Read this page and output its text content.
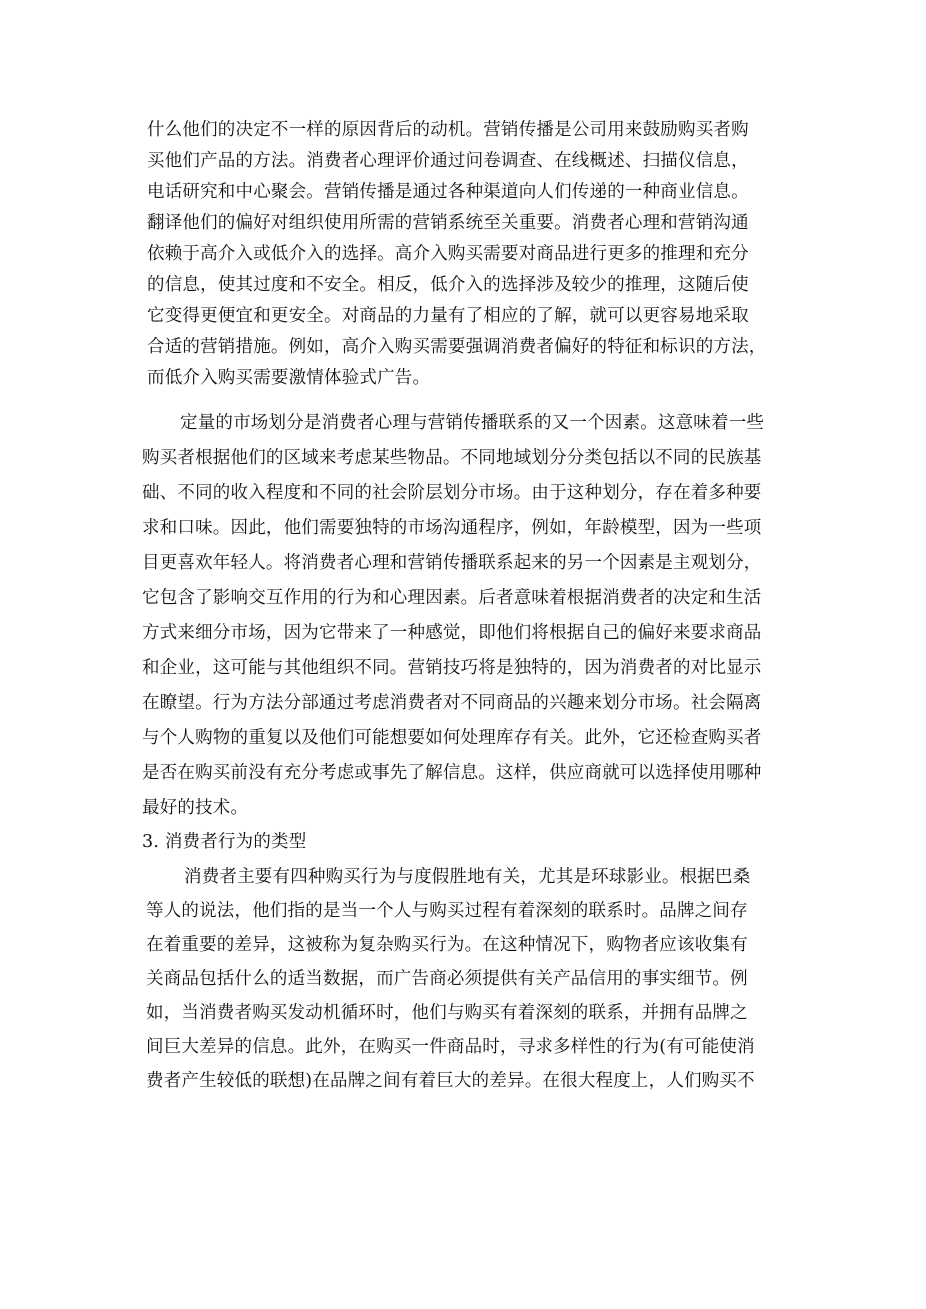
什么他们的决定不一样的原因背后的动机。营销传播是公司用来鼓励购买者购
买他们产品的方法。消费者心理评价通过问卷调查、在线概述、扫描仪信息，
电话研究和中心聚会。营销传播是通过各种渠道向人们传递的一种商业信息。
翻译他们的偏好对组织使用所需的营销系统至关重要。消费者心理和营销沟通
依赖于高介入或低介入的选择。高介入购买需要对商品进行更多的推理和充分
的信息，使其过度和不安全。相反，低介入的选择涉及较少的推理，这随后使
它变得更便宜和更安全。对商品的力量有了相应的了解，就可以更容易地采取
合适的营销措施。例如，高介入购买需要强调消费者偏好的特征和标识的方法，
而低介入购买需要激情体验式广告。
定量的市场划分是消费者心理与营销传播联系的又一个因素。这意味着一些
购买者根据他们的区域来考虑某些物品。不同地域划分分类包括以不同的民族基
础、不同的收入程度和不同的社会阶层划分市场。由于这种划分，存在着多种要
求和口味。因此，他们需要独特的市场沟通程序，例如，年龄模型，因为一些项
目更喜欢年轻人。将消费者心理和营销传播联系起来的另一个因素是主观划分，
它包含了影响交互作用的行为和心理因素。后者意味着根据消费者的决定和生活
方式来细分市场，因为它带来了一种感觉，即他们将根据自己的偏好来要求商品
和企业，这可能与其他组织不同。营销技巧将是独特的，因为消费者的对比显示
在瞭望。行为方法分部通过考虑消费者对不同商品的兴趣来划分市场。社会隔离
与个人购物的重复以及他们可能想要如何处理库存有关。此外，它还检查购买者
是否在购买前没有充分考虑或事先了解信息。这样，供应商就可以选择使用哪种
最好的技术。
3. 消费者行为的类型
消费者主要有四种购买行为与度假胜地有关，尤其是环球影业。根据巴桑
等人的说法，他们指的是当一个人与购买过程有着深刻的联系时。品牌之间存
在着重要的差异，这被称为复杂购买行为。在这种情况下，购物者应该收集有
关商品包括什么的适当数据，而广告商必须提供有关产品信用的事实细节。例
如，当消费者购买发动机循环时，他们与购买有着深刻的联系，并拥有品牌之
间巨大差异的信息。此外，在购买一件商品时，寻求多样性的行为(有可能使消
费者产生较低的联想)在品牌之间有着巨大的差异。在很大程度上，人们购买不
